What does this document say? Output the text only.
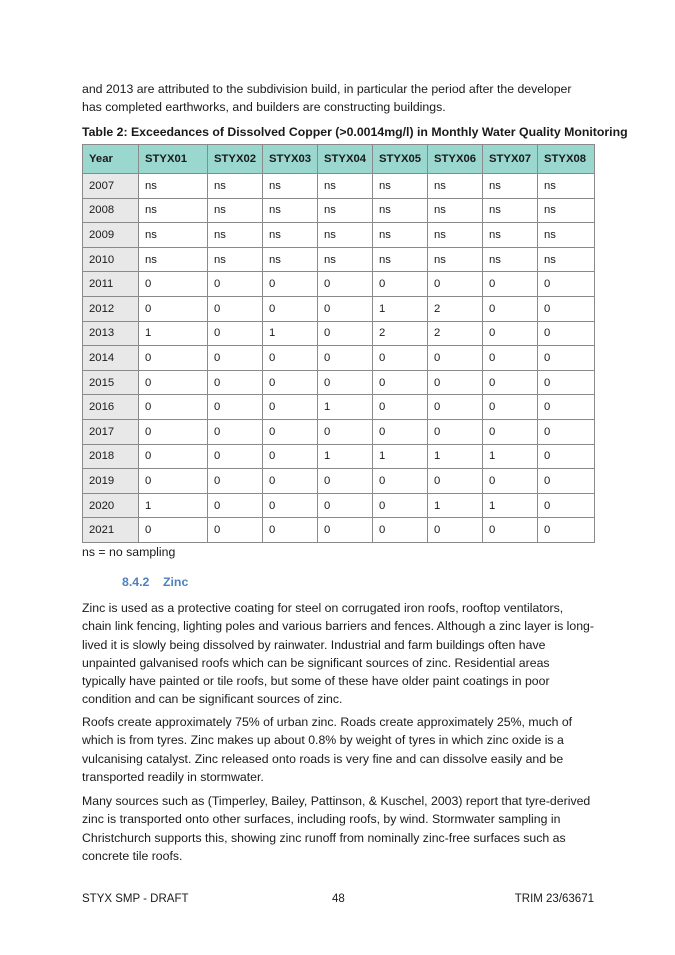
and 2013 are attributed to the subdivision build, in particular the period after the developer has completed earthworks, and builders are constructing buildings.

Table 2: Exceedances of Dissolved Copper (>0.0014mg/l) in Monthly Water Quality Monitoring
Year	STYX01	STYX02	STYX03	STYX04	STYX05	STYX06	STYX07	STYX08
2007	ns	ns	ns	ns	ns	ns	ns	ns
2008	ns	ns	ns	ns	ns	ns	ns	ns
2009	ns	ns	ns	ns	ns	ns	ns	ns
2010	ns	ns	ns	ns	ns	ns	ns	ns
2011	0	0	0	0	0	0	0	0
2012	0	0	0	0	1	2	0	0
2013	1	0	1	0	2	2	0	0
2014	0	0	0	0	0	0	0	0
2015	0	0	0	0	0	0	0	0
2016	0	0	0	1	0	0	0	0
2017	0	0	0	0	0	0	0	0
2018	0	0	0	1	1	1	1	0
2019	0	0	0	0	0	0	0	0
2020	1	0	0	0	0	1	1	0
2021	0	0	0	0	0	0	0	0
ns = no sampling
8.4.2 Zinc

Zinc is used as a protective coating for steel on corrugated iron roofs, rooftop ventilators, chain link fencing, lighting poles and various barriers and fences. Although a zinc layer is long-lived it is slowly being dissolved by rainwater. Industrial and farm buildings often have unpainted galvanised roofs which can be significant sources of zinc. Residential areas typically have painted or tile roofs, but some of these have older paint coatings in poor condition and can be significant sources of zinc.

Roofs create approximately 75% of urban zinc. Roads create approximately 25%, much of which is from tyres. Zinc makes up about 0.8% by weight of tyres in which zinc oxide is a vulcanising catalyst. Zinc released onto roads is very fine and can dissolve easily and be transported readily in stormwater.

Many sources such as (Timperley, Bailey, Pattinson, & Kuschel, 2003) report that tyre-derived zinc is transported onto other surfaces, including roofs, by wind. Stormwater sampling in Christchurch supports this, showing zinc runoff from nominally zinc-free surfaces such as concrete tile roofs.

STYX SMP - DRAFT	48	TRIM 23/63671
